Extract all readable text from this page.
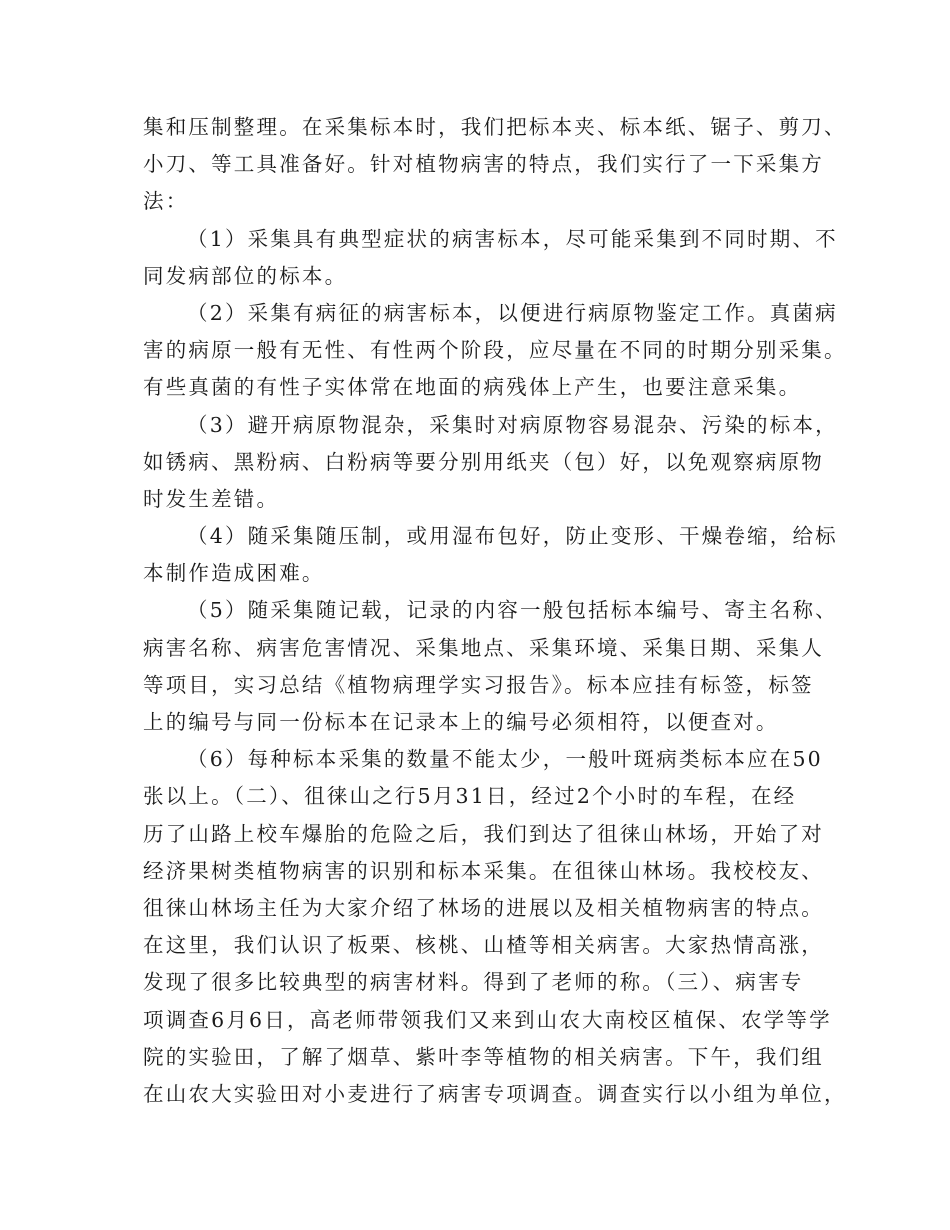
集和压制整理。在采集标本时，我们把标本夹、标本纸、锯子、剪刀、
小刀、等工具准备好。针对植物病害的特点，我们实行了一下采集方
法：
（1）采集具有典型症状的病害标本，尽可能采集到不同时期、不
同发病部位的标本。
（2）采集有病征的病害标本，以便进行病原物鉴定工作。真菌病
害的病原一般有无性、有性两个阶段，应尽量在不同的时期分别采集。
有些真菌的有性子实体常在地面的病残体上产生，也要注意采集。
（3）避开病原物混杂，采集时对病原物容易混杂、污染的标本，
如锈病、黑粉病、白粉病等要分别用纸夹（包）好，以免观察病原物
时发生差错。
（4）随采集随压制，或用湿布包好，防止变形、干燥卷缩，给标
本制作造成困难。
（5）随采集随记载，记录的内容一般包括标本编号、寄主名称、
病害名称、病害危害情况、采集地点、采集环境、采集日期、采集人
等项目，实习总结《植物病理学实习报告》。标本应挂有标签，标签
上的编号与同一份标本在记录本上的编号必须相符，以便查对。
（6）每种标本采集的数量不能太少，一般叶斑病类标本应在50
张以上。（二）、徂徕山之行5月31日，经过2个小时的车程，在经
历了山路上校车爆胎的危险之后，我们到达了徂徕山林场，开始了对
经济果树类植物病害的识别和标本采集。在徂徕山林场。我校校友、
徂徕山林场主任为大家介绍了林场的进展以及相关植物病害的特点。
在这里，我们认识了板栗、核桃、山楂等相关病害。大家热情高涨，
发现了很多比较典型的病害材料。得到了老师的称。（三）、病害专
项调查6月6日，高老师带领我们又来到山农大南校区植保、农学等学
院的实验田，了解了烟草、紫叶李等植物的相关病害。下午，我们组
在山农大实验田对小麦进行了病害专项调查。调查实行以小组为单位，
